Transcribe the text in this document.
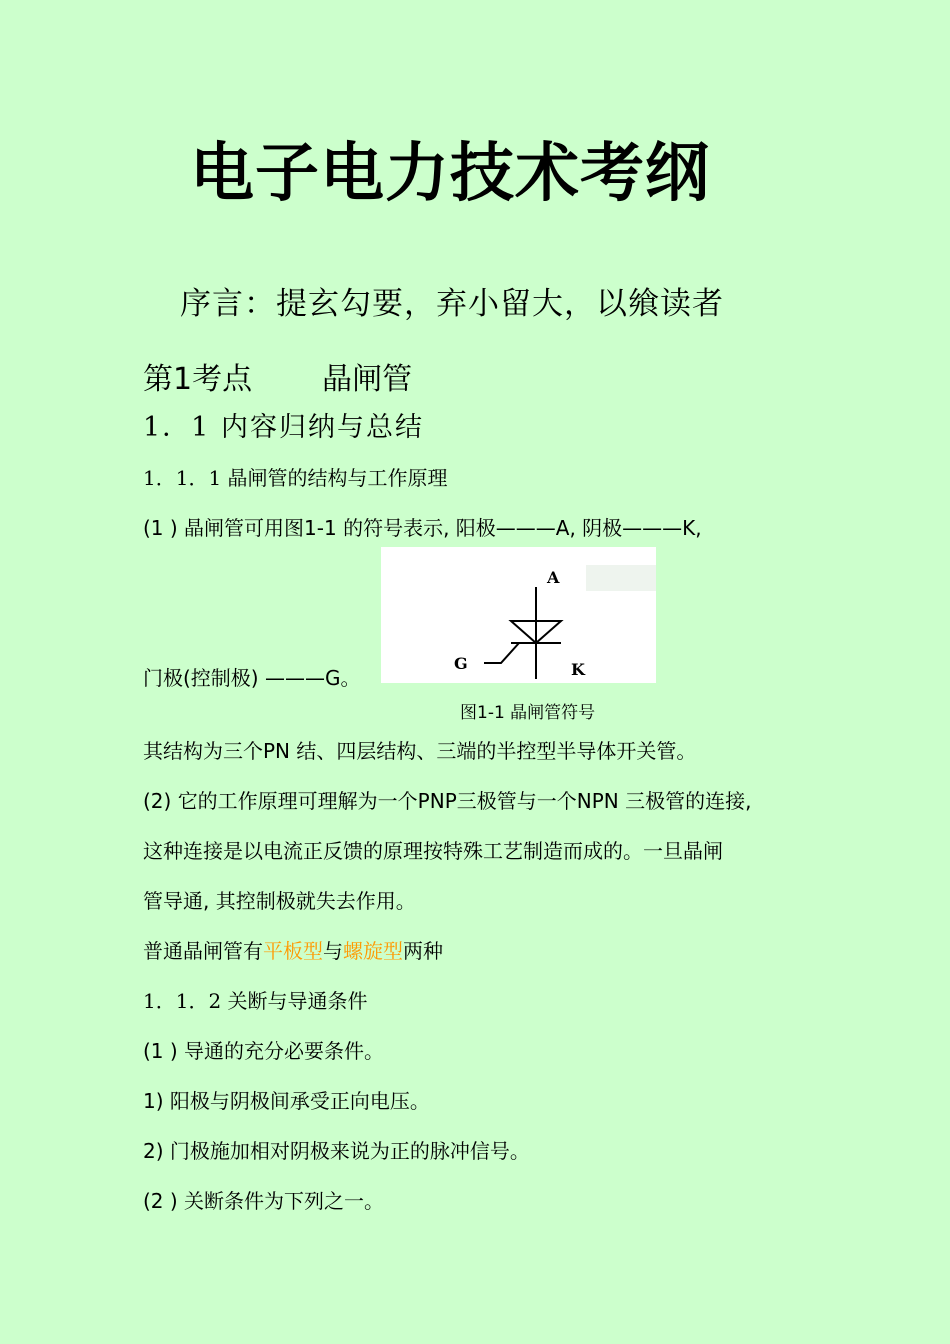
电子电力技术考纲
序言：提玄勾要，弃小留大，以飨读者
第1考点 晶闸管
1．1 内容归纳与总结
1．1．1 晶闸管的结构与工作原理
(1 ) 晶闸管可用图1-1 的符号表示, 阳极———A, 阴极———K,
门极(控制极) ———G。
A
G	K
图1-1 晶闸管符号
其结构为三个PN 结、四层结构、三端的半控型半导体开关管。
(2) 它的工作原理可理解为一个PNP三极管与一个NPN 三极管的连接,
这种连接是以电流正反馈的原理按特殊工艺制造而成的。一旦晶闸
管导通, 其控制极就失去作用。
普通晶闸管有平板型与螺旋型两种
1．1．2 关断与导通条件
(1 ) 导通的充分必要条件。
1) 阳极与阴极间承受正向电压。
2) 门极施加相对阴极来说为正的脉冲信号。
(2 ) 关断条件为下列之一。
